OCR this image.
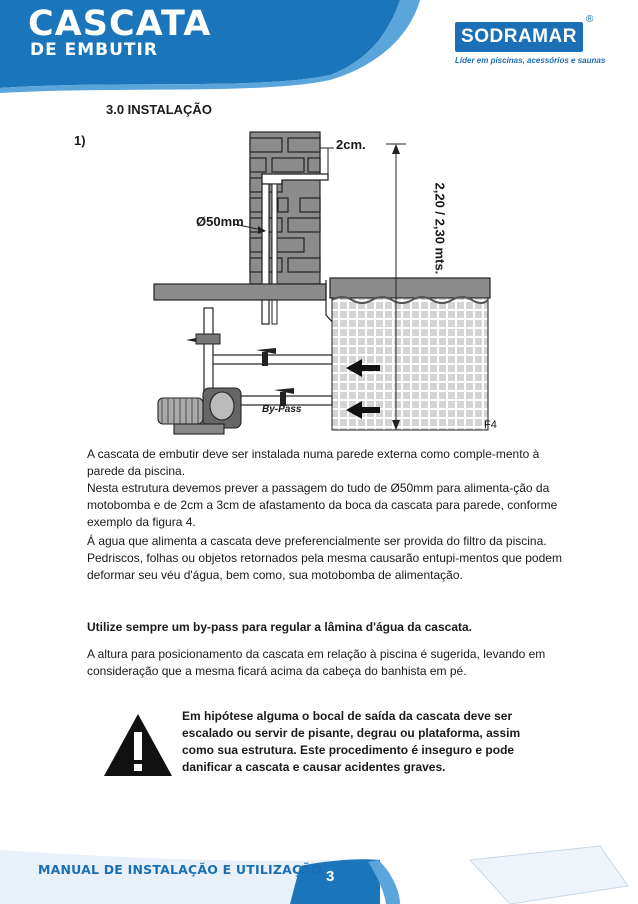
CASCATA
DE EMBUTIR
SODRAMAR
®
Líder em piscinas, acessórios e saunas
3.0 INSTALAÇÃO
1)	2cm.
Ø50mm	2,20 / 2,30 mts.
By-Pass
F4
A cascata de embutir deve ser instalada numa parede externa como comple-mento à parede da piscina.
Nesta estrutura devemos prever a passagem do tudo de Ø50mm para alimenta-ção da motobomba e de 2cm a 3cm de afastamento da boca da cascata para parede, conforme exemplo da figura 4.
Á agua que alimenta a cascata deve preferencialmente ser provida do filtro da piscina. Pedriscos, folhas ou objetos retornados pela mesma causarão entupi-mentos que podem deformar seu véu d'água, bem como, sua motobomba de alimentação.
Utilize sempre um by-pass para regular a lâmina d'água da cascata.
A altura para posicionamento da cascata em relação à piscina é sugerida, levando em consideração que a mesma ficará acima da cabeça do banhista em pé.
Em hipótese alguma o bocal de saída da cascata deve ser escalado ou servir de pisante, degrau ou plataforma, assim como sua estrutura. Este procedimento é inseguro e pode danificar a cascata e causar acidentes graves.
MANUAL DE INSTALAÇÃO E UTILIZAÇÃO 3
